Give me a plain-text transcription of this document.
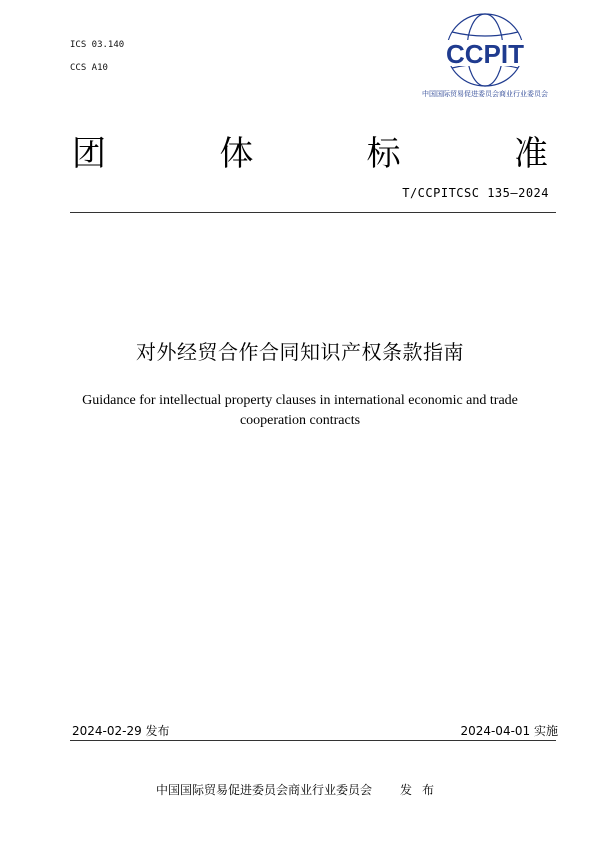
ICS 03.140
CCS A10	CCPIT
中国国际贸易促进委员会商业行业委员会
团	体	标	准
T/CCPITCSC 135—2024
对外经贸合作合同知识产权条款指南
Guidance for intellectual property clauses in international economic and trade cooperation contracts
2024-02-29 发布	2024-04-01 实施
中国国际贸易促进委员会商业行业委员会 发布
